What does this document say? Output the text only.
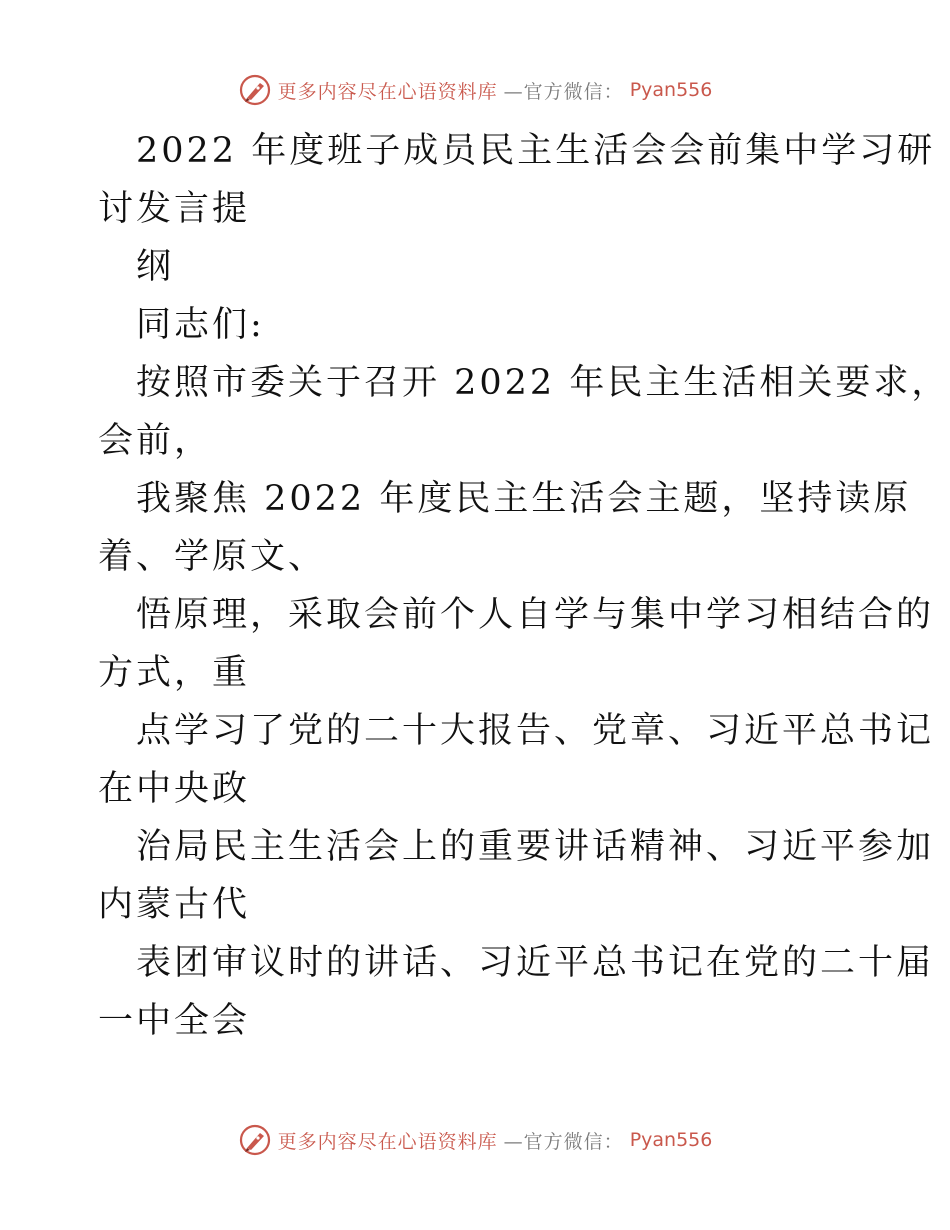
更多内容尽在心语资料库 —官方微信： Pyan556
2022 年度班子成员民主生活会会前集中学习研
讨发言提
纲
同志们:
按照市委关于召开 2022 年民主生活相关要求，
会前，
我聚焦 2022 年度民主生活会主题，坚持读原
着、学原文、
悟原理，采取会前个人自学与集中学习相结合的
方式，重
点学习了党的二十大报告、党章、习近平总书记
在中央政
治局民主生活会上的重要讲话精神、习近平参加
内蒙古代
表团审议时的讲话、习近平总书记在党的二十届
一中全会
更多内容尽在心语资料库 —官方微信： Pyan556
